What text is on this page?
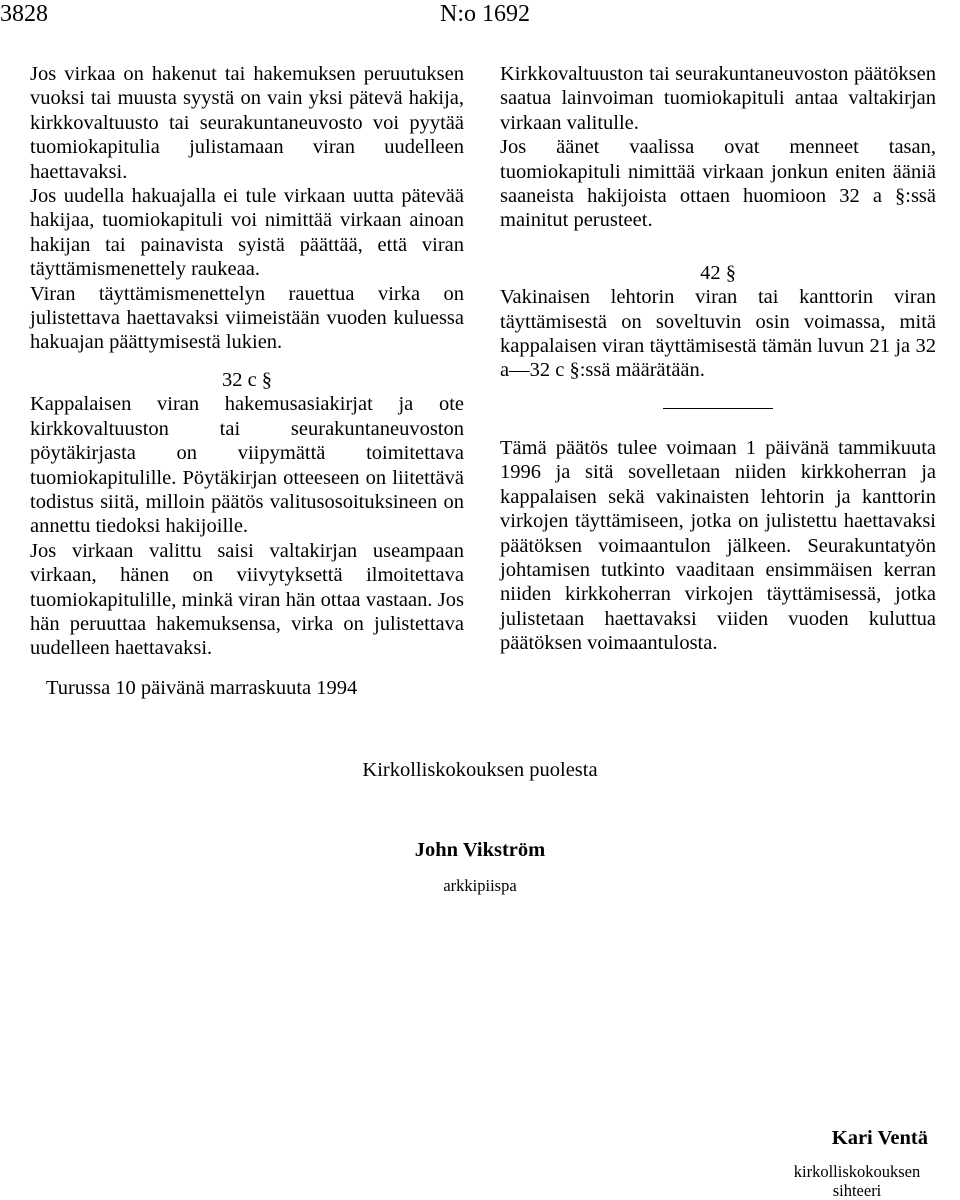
3828	N:o 1692

Jos virkaa on hakenut tai hakemuksen peruutuksen vuoksi tai muusta syystä on vain yksi pätevä hakija, kirkkovaltuusto tai seurakuntaneuvosto voi pyytää tuomiokapitulia julistamaan viran uudelleen haettavaksi.

Jos uudella hakuajalla ei tule virkaan uutta pätevää hakijaa, tuomiokapituli voi nimittää virkaan ainoan hakijan tai painavista syistä päättää, että viran täyttämismenettely raukeaa.

Viran täyttämismenettelyn rauettua virka on julistettava haettavaksi viimeistään vuoden kuluessa hakuajan päättymisestä lukien.

32 c §

Kappalaisen viran hakemusasiakirjat ja ote kirkkovaltuuston tai seurakuntaneuvoston pöytäkirjasta on viipymättä toimitettava tuomiokapitulille. Pöytäkirjan otteeseen on liitettävä todistus siitä, milloin päätös valitusosoituksineen on annettu tiedoksi hakijoille.

Jos virkaan valittu saisi valtakirjan useampaan virkaan, hänen on viivytyksettä ilmoitettava tuomiokapitulille, minkä viran hän ottaa vastaan. Jos hän peruuttaa hakemuksensa, virka on julistettava uudelleen haettavaksi.

Kirkkovaltuuston tai seurakuntaneuvoston päätöksen saatua lainvoiman tuomiokapituli antaa valtakirjan virkaan valitulle.

Jos äänet vaalissa ovat menneet tasan, tuomiokapituli nimittää virkaan jonkun eniten ääniä saaneista hakijoista ottaen huomioon 32 a §:ssä mainitut perusteet.

42 §

Vakinaisen lehtorin viran tai kanttorin viran täyttämisestä on soveltuvin osin voimassa, mitä kappalaisen viran täyttämisestä tämän luvun 21 ja 32 a—32 c §:ssä määrätään.

Tämä päätös tulee voimaan 1 päivänä tammikuuta 1996 ja sitä sovelletaan niiden kirkkoherran ja kappalaisen sekä vakinaisten lehtorin ja kanttorin virkojen täyttämiseen, jotka on julistettu haettavaksi päätöksen voimaantulon jälkeen. Seurakuntatyön johtamisen tutkinto vaaditaan ensimmäisen kerran niiden kirkkoherran virkojen täyttämisessä, jotka julistetaan haettavaksi viiden vuoden kuluttua päätöksen voimaantulosta.

Turussa 10 päivänä marraskuuta 1994
Kirkolliskokouksen puolesta
John Vikström
arkkipiispa
Kari Ventä
kirkolliskokouksen sihteeri
